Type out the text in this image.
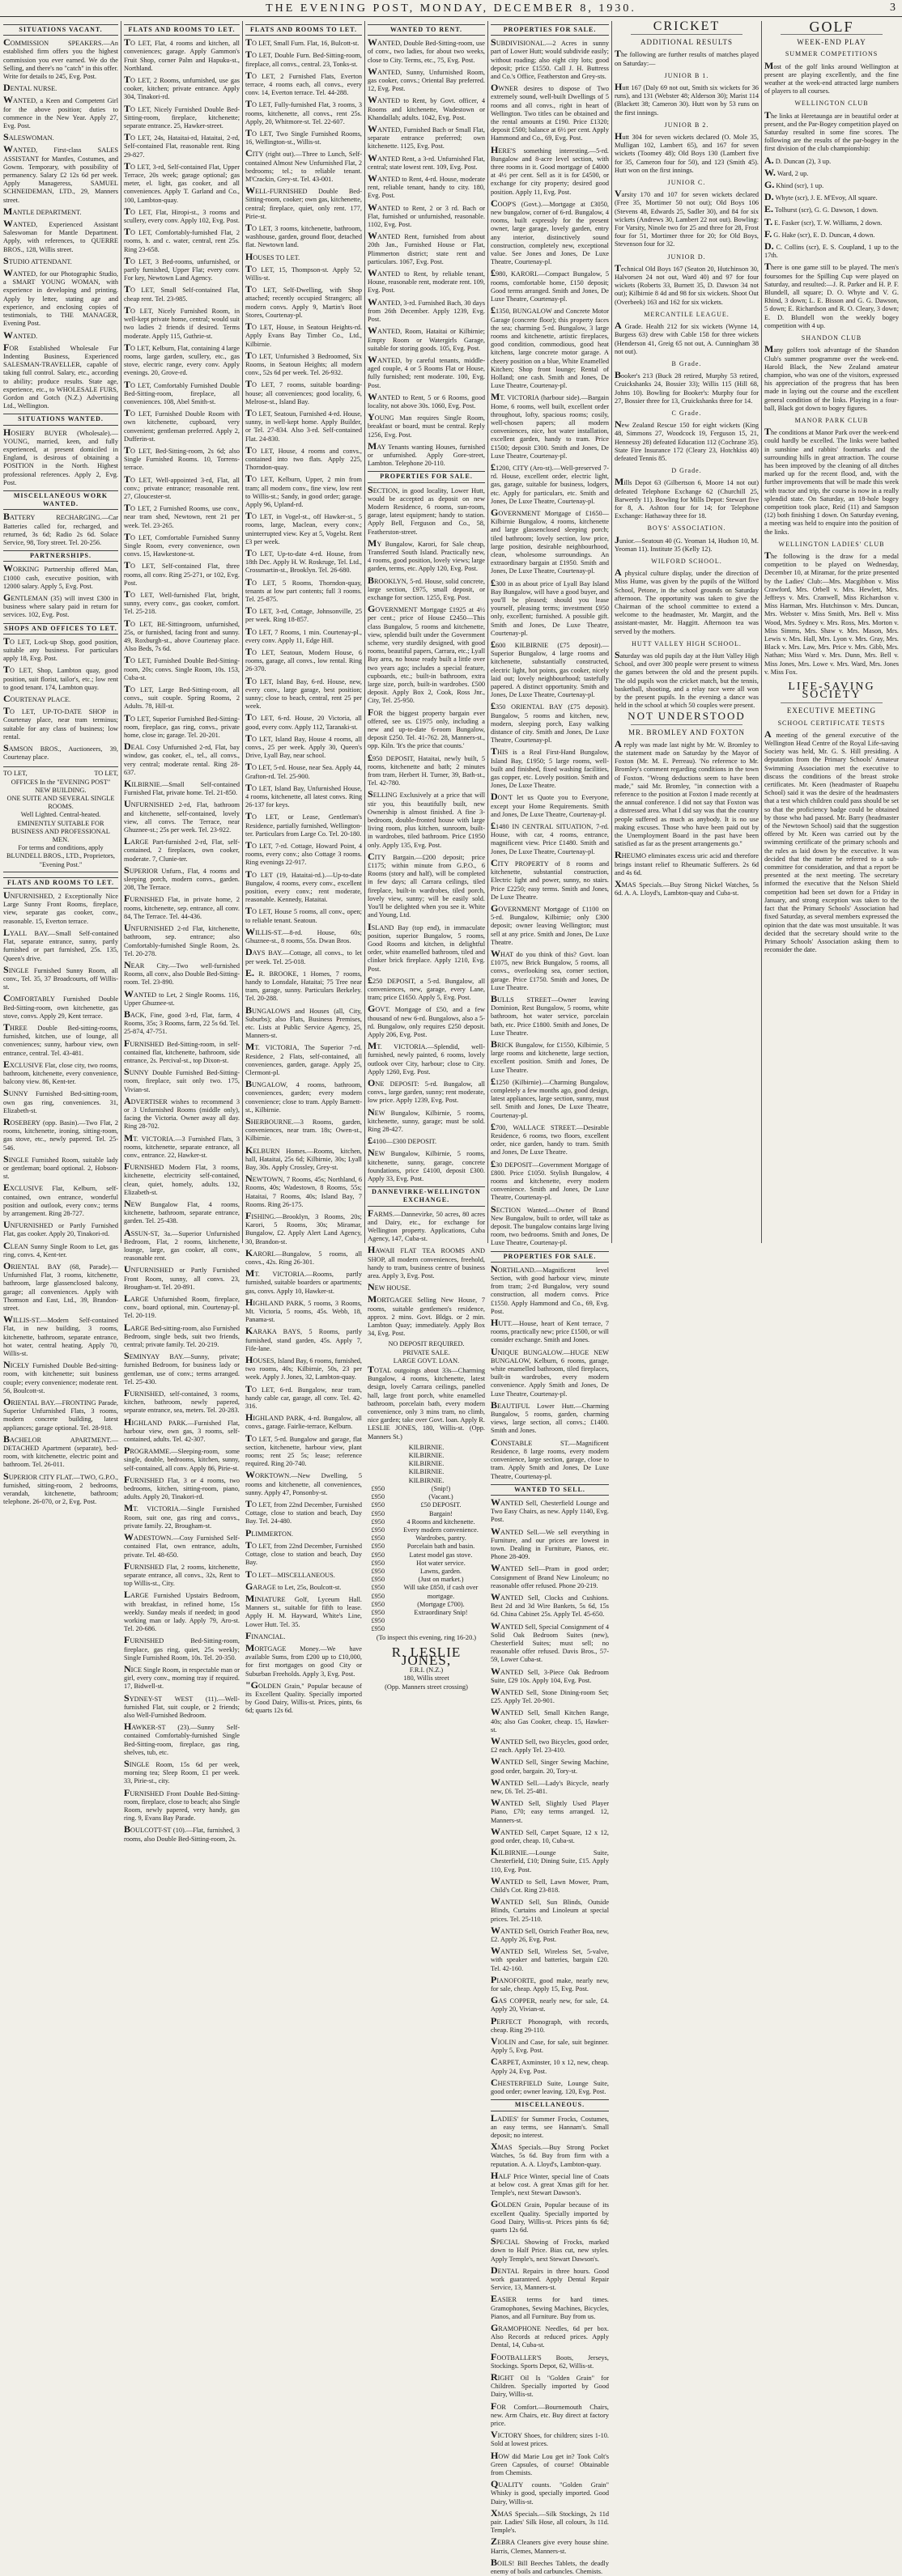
THE EVENING POST, MONDAY, DECEMBER 8, 1930.	3
SITUATIONS VACANT.
COMMISSION SPEAKERS.—An established firm offers you the highest commission you ever earned. We do the Selling, and there's no "catch" in this offer. Write for details to 245, Evg. Post.
DENTAL NURSE.
WANTED, a Keen and Competent Girl for the above position; duties to commence in the New Year. Apply 27, Evg. Post.
SALESWOMAN.
WANTED, First-class SALES ASSISTANT for Mantles, Costumes, and Gowns. Temporary, with possibility of permanency. Salary £2 12s 6d per week. Apply Manageress, SAMUEL SCHNEIDEMAN, LTD., 29, Manners street.
MANTLE DEPARTMENT.
WANTED, Experienced Assistant Saleswoman for Mantle Department. Apply, with references, to QUERRE BROS., 128, Willis street.
STUDIO ATTENDANT.
WANTED, for our Photographic Studio, a SMART YOUNG WOMAN, with experience in developing and printing. Apply by letter, stating age and experience, and enclosing copies of testimonials, to THE MANAGER, Evening Post.
WANTED.
FOR Established Wholesale Fur Indenting Business, Experienced SALESMAN-TRAVELLER, capable of taking full control. Salary, etc., according to ability; produce results. State age, experience, etc., to WHOLESALE FURS, Gordon and Gotch (N.Z.) Advertising Ltd., Wellington.
SITUATIONS WANTED.
HOSIERY BUYER (Wholesale).—YOUNG, married, keen, and fully experienced, at present domiciled in England, is desirous of obtaining a POSITION in the North. Highest professional references. Apply 2, Evg. Post.
MISCELLANEOUS WORK WANTED.
BATTERY RECHARGING.—Car Batteries called for, recharged, and returned, 3s 6d; Radio 2s 6d. Solace Service, 98, Tory street. Tel. 20-256.
PARTNERSHIPS.
WORKING Partnership offered Man, £1000 cash, executive position, with 12000 salary. Apply 5, Evg. Post.
GENTLEMAN (35) will invest £300 in business where salary paid in return for services. 102, Evg. Post.
SHOPS AND OFFICES TO LET.
TO LET, Lock-up Shop, good position, suitable any business. For particulars apply 18, Evg. Post.
TO LET, Shop, Lambton quay, good position, suit florist, tailor's, etc.; low rent to good tenant. 174, Lambton quay.
COURTENAY PLACE.
TO LET, UP-TO-DATE SHOP in Courtenay place, near tram terminus; suitable for any class of business; low rental.
SAMSON BROS., Auctioneers, 39, Courtenay place.
TO LET,	TO LET,
OFFICES In the "EVENING POST" NEW BUILDING.
ONE SUITE AND SEVERAL SINGLE ROOMS.
Well Lighted. Central-heated.
EMINENTLY SUITABLE FOR BUSINESS AND PROFESSIONAL MEN.
For terms and conditions, apply BLUNDELL BROS., LTD., Proprietors, "Evening Post."
FLATS AND ROOMS TO LET.
UNFURNISHED, 2 Exceptionally Nice Large Sunny Front Rooms, fireplace, view, separate gas cooker, conv., reasonable. 15, Everton terrace.
LYALL BAY.—Small Self-contained Flat, separate entrance, sunny, partly furnished or part furnished, 25s. 135, Queen's drive.
SINGLE Furnished Sunny Room, all conv., Tel. 35, 37 Broadcourts, off Willis-st.
COMFORTABLY Furnished Double Bed-Sitting-room, own kitchenette, gas stove, convs. Apply 29, Kent terrace.
THREE Double Bed-sitting-rooms, furnished, kitchen, use of lounge, all conveniences; sunny, harbour view, own entrance, central. Tel. 43-481.
EXCLUSIVE Flat, close city, two rooms, bathroom, kitchenette, every convenience, balcony view. 86, Kent-ter.
SUNNY Furnished Bed-sitting-room, own gas ring, conveniences. 31, Elizabeth-st.
ROSEBERY (opp. Basin).—Two Flat, 2 rooms, kitchenette, ironing, sitting-room, gas stove, etc., newly papered. Tel. 25-546.
SINGLE Furnished Room, suitable lady or gentleman; board optional. 2, Hobson-st.
EXCLUSIVE Flat, Kelburn, self-contained, own entrance, wonderful position and outlook, every conv.; terms by arrangement. Ring 28-727.
UNFURNISHED or Partly Furnished Flat, gas cooker. Apply 20, Tinakori-rd.
CLEAN Sunny Single Room to Let, gas ring, convs. 4, Kent-ter.
ORIENTAL BAY (68, Parade).—Unfurnished Flat, 3 rooms, kitchenette, bathroom, large glassenclosed balcony, garage; all conveniences. Apply with Thomson and East, Ltd., 39, Brandon-street.
WILLIS-ST.—Modern Self-contained Flat, in new building, 3 rooms, kitchenette, bathroom, separate entrance, hot water, central heating. Apply 70, Willis-st.
NICELY Furnished Double Bed-sitting-room, with kitchenette; suit business couple; every convenience; moderate rent. 56, Boulcott-st.
ORIENTAL BAY.—FRONTING Parade, Superior Unfurnished Flats, 3 rooms, modern concrete building, latest appliances; garage optional. Tel. 28-918.
BACHELOR APARTMENT.—DETACHED Apartment (separate), bed-room, with kitchenette, electric point and bathroom. Tel. 26-011.
SUPERIOR CITY FLAT.—TWO, G.P.O., furnished, sitting-room, 2 bedrooms, verandah, kitchenette, bathroom; telephone. 26-070, or 2, Evg. Post.
FLATS AND ROOMS TO LET.
TO LET, Flat, 4 rooms and kitchen, all conveniences; garage. Apply Gammon's Fruit Shop, corner Palm and Hapuku-st., Northland.
TO LET, 2 Rooms, unfurnished, use gas cooker, kitchen; private entrance. Apply 304, Tinakori-rd.
TO LET, Nicely Furnished Double Bed-Sitting-room, fireplace, kitchenette; separate entrance. 25, Hawker-street.
TO LET, 24s, Hataitai-rd, Hataitai, 2-rd, Self-contained Flat, reasonable rent. Ring 29-827.
TO LET, 3-rd, Self-contained Flat, Upper Terrace, 20s week; garage optional; gas meter, el. light, gas cooker, and all conveniences. Apply T. Garland and Co., 100, Lambton-quay.
TO LET, Flat, Hiropi-st., 3 rooms and scullery, every conv. Apply 102, Evg. Post.
TO LET, Comfortably-furnished Flat, 2 rooms, h. and c. water, central, rent 25s. Ring 23-658.
TO LET, 3 Bed-rooms, unfurnished, or partly furnished, Upper Flat; every conv. For key, Newtown Land Agency.
TO LET, Small Self-contained Flat, cheap rent. Tel. 23-985.
TO LET, Nicely Furnished Room, in well-kept private home, central; would suit two ladies 2 friends if desired. Terms moderate. Apply 115, Guthrie-st.
TO LET, Kelburn, Flat, containing 4 large rooms, large garden, scullery, etc., gas stove, electric range, every conv. Apply evenings. 20, Grove-rd.
TO LET, Comfortably Furnished Double Bed-Sitting-room, fireplace, all conveniences. 108, Abel Smith-st.
TO LET, Furnished Double Room with own kitchenette, cupboard, very convenient; gentleman preferred. Apply 2, Dufferin-st.
TO LET, Bed-Sitting-room, 2s 6d; also Single Furnished Rooms. 10, Torrens-terrace.
TO LET, Well-appointed 3-rd, Flat, all conv.; private entrance; reasonable rent. 27, Gloucester-st.
TO LET, 2 Furnished Rooms, use conv., near tram shed, Newtown, rent 21 per week. Tel. 23-265.
TO LET, Comfortable Furnished Sunny Single Room, every convenience, own convs. 15, Hawkestone-st.
TO LET, Self-contained Flat, three rooms, all conv. Ring 25-271, or 102, Evg. Post.
TO LET, Well-furnished Flat, bright, sunny, every conv., gas cooker, comfort. Tel. 25-218.
TO LET, BE-Sittingroom, unfurnished, 25s, or furnished, facing front and sunny. 49, Roxburgh-st., above Courtenay place. Also Beds, 7s 6d.
TO LET, Furnished Double Bed-Sitting-room, 20s; convs. Single Room, 10s. 153, Cuba-st.
TO LET, Large Bed-Sitting-room, all convs., suit couple. Spring Rooms, 2 Adults. 78, Hill-st.
TO LET, Superior Furnished Bed-Sitting-room, fireplace, gas ring, convs., private home, close in; garage. Tel. 20-201.
DEAL Cosy Unfurnished 2-rd, Flat, bay window, gas cooker, el., tel., all convs., very central; moderate rental. Ring 28-637.
KILBIRNIE.—Small Self-contained Furnished Flat, private home. Tel. 21-850.
UNFURNISHED 2-rd, Flat, bathroom and kitchenette, self-contained, lovely view, all convs. The Terrace, near Ghuznee-st.; 25s per week. Tel. 23-922.
LARGE Part-furnished 2-rd, Flat, self-contained, 2 fireplaces, own cooker, moderate. 7, Clunie-ter.
SUPERIOR Unfurn., Flat, 4 rooms and sleeping porch, modern convs., garden. 208, The Terrace.
FURNISHED Flat, in private home, 2 rooms, kitchenette, sep. entrance, all conv. 84, The Terrace. Tel. 44-436.
UNFURNISHED 2-rd Flat, kitchenette, bathroom, sep. entrance; also Comfortably-furnished Single Room, 2s. Tel. 20-278.
NEAR City.—Two well-furnished Rooms, all conv., also Double Bed-Sitting-room. Tel. 23-890.
WANTED to Let, 2 Single Rooms. 116, Upper Ghuznee-st.
BACK, Fine, good 3-rd, Flat, farm, 4 Rooms, 35s; 3 Rooms, farm, 22 5s 6d. Tel. 25-874, 47-751.
FURNISHED Bed-Sitting-room, in self-contained flat, kitchenette, bathroom, side entrance, 2s. Percival-st., top Dixon-st.
SUNNY Double Furnished Bed-Sitting-room, fireplace, suit only two. 175, Vivian-st.
ADVERTISER wishes to recommend 3 or 3 Unfurnished Rooms (middle only), facing the Victoria. Owner away all day. Ring 28-702.
MT. VICTORIA.—3 Furnished Flats, 3 rooms, kitchenette, separate entrance, all conv., entrance. 22, Hawker-st.
FURNISHED Modern Flat, 3 rooms, kitchenette, electricity self-contained, clean, quiet, homely, adults. 132, Elizabeth-st.
NEW Bungalow Flat, 4 rooms, kitchenette, bathroom, separate entrance, garden. Tel. 25-438.
ASSUN-ST, 3a.—Superior Unfurnished Bedroom, Flat, 2 rooms, kitchenette, lounge, large, gas cooker, all conv., reasonable rent.
UNFURNISHED or Partly Furnished Front Room, sunny, all convs. 23, Brougham-st. Tel. 20-891.
LARGE Unfurnished Room, fireplace, conv., board optional, min. Courtenay-pl. Tel. 20-119.
LARGE Bed-sitting-room, also Furnished Bedroom, single beds, suit two friends, central; private family. Tel. 20-219.
SEMINYAY BAY.—Sunny, private; furnished Bedroom, for business lady or gentleman, use of conv.; terms arranged. Tel. 25-430.
FURNISHED, self-contained, 3 rooms, kitchen, bathroom, newly papered, separate entrance, sea, meters. Tel. 20-283.
HIGHLAND PARK.—Furnished Flat, harbour view, own gas, 3 rooms, self-contained, adults. Tel. 42-307.
PROGRAMME.—Sleeping-room, some single, double, bedrooms, kitchen, sunny, self-contained, all conv. Apply 86, Pirie-st.
FURNISHED Flat, 3 or 4 rooms, two bedrooms, kitchen, sitting-room, piano, adults. Apply 20, Tinakori-rd.
MT. VICTORIA.—Single Furnished Room, suit one, gas ring and convs., private family. 22, Brougham-st.
WADESTOWN.—Cosy Furnished Self-contained Flat, own entrance, adults, private. Tel. 48-650.
FURNISHED Flat, 2 rooms, kitchenette, separate entrance, all convs., 32s, Rent to top Willis-st., City.
LARGE Furnished Upstairs Bedroom, with breakfast, in refined home, 15s weekly. Sunday meals if needed; in good working man or lady. Apply 79, Aro-st. Tel. 20-686.
FURNISHED Bed-Sitting-room, fireplace, gas ring, quiet, 25s weekly; Single Furnished Room, 10s. Tel. 20-350.
NICE Single Room, in respectable man or girl, every conv., morning tray if required. 17, Bidwell-st.
SYDNEY-ST WEST (11).—Well-furnished Flat, suit couple, or 2 friends; also Well-Furnished Bedroom.
HAWKER-ST (23).—Sunny Self-contained Comfortably-furnished Single Bed-Sitting-room, fireplace, gas ring, shelves, tub, etc.
SINGLE Room, 15s 6d per week, morning tea; Sleep Room, £1 per week. 33, Pirie-st., city.
FURNISHED Front Double Bed-Sitting-room, fireplace, close to beach; also Single Room, newly papered, very handy, gas ring. 9, Evans Bay Parade.
BOULCOTT-ST (10).—Flat, furnished, 3 rooms, also Double Bed-Sitting-room, 2s.
FLATS AND ROOMS TO LET.
TO LET, Small Furn. Flat, 16, Bulcott-st.
TO LET, Double Furn. Bed-Sitting-room, fireplace, all convs., central. 23, Tonks-st.
TO LET, 2 Furnished Flats, Everton terrace, 4 rooms each, all convs., every conv. 14, Everton terrace. Tel. 44-288.
TO LET, Fully-furnished Flat, 3 rooms, 3 rooms, kitchenette, all convs., rent 25s. Apply, 20, Whitmore-st. Tel. 22-607.
TO LET, Two Single Furnished Rooms, 16, Wellington-st., Willis-st.
CITY (right out).—Three to Lunch, Self-contained Almost New Unfurnished Flat, 2 bedrooms; tel.; to reliable tenant. M'Crackin, Grey-st. Tel. 43-001.
WELL-FURNISHED Double Bed-Sitting-room, cooker; own gas, kitchenette, central; fireplace, quiet, only rent. 177, Pirie-st.
TO LET, 3 rooms, kitchenette, bathroom, washhouse, garden, ground floor, detached flat. Newtown land.
HOUSES TO LET.
TO LET, 15, Thompson-st. Apply 52, Willis-st.
TO LET, Self-Dwelling, with Shop attached; recently occupied Strangers; all modern convs. Apply 9, Martin's Boot Stores, Courtenay-pl.
TO LET, House, in Seatoun Heights-rd. Apply Evans Bay Timber Co., Ltd., Kilbirnie.
TO LET, Unfurnished 3 Bedroomed, Six Rooms, in Seatoun Heights; all modern conv., 52s 6d per week. Tel. 26-932.
TO LET, 7 rooms, suitable boarding-house; all conveniences; good locality, 6, Melrose-st., Island Bay.
TO LET, Seatoun, Furnished 4-rd. House, sunny, in well-kept home. Apply Builder, or Tel. 27-834. Also 3-rd. Self-contained Flat. 24-830.
TO LET, House, 4 rooms and convs., contained into two flats. Apply 225, Thorndon-quay.
TO LET, Kelburn, Upper, 2 min from tram; all modern conv., fine view, low rent to Willis-st.; Sandy, in good order; garage. Apply 96, Upland-rd.
TO LET, in Vogel-st., off Hawker-st., 5 rooms, large, Maclean, every conv.; uninterrupted view. Key at 5, Vogelst. Rent £3 per week.
TO LET, Up-to-date 4-rd. House, from 18th Dec. Apply H. W. Roskruge, Tel. Ltd., Crossmartin-st., Brooklyn. Tel. 26-680.
TO LET, 5 Rooms, Thorndon-quay, tenants at low part contents; full 3 rooms. Tel. 25-875.
TO LET, 3-rd, Cottage, Johnsonville, 25 per week. Ring 18-857.
TO LET, 7 Rooms, 1 min. Courtenay-pl., every conv. Apply 11, Edge Hill.
TO LET, Seatoun, Modern House, 6 rooms, garage, all convs., low rental. Ring 26-370.
TO LET, Island Bay, 6-rd. House, new, every conv., large garage, best position; sunny; close to beach, central, rent 25 per week.
TO LET, 6-rd. House, 20 Victoria, all good, every conv. Apply 112, Taranaki-st.
TO LET, Island Bay, House 4 rooms, all convs., 25 per week. Apply 30, Queen's Drive, Lyall Bay, near school.
TO LET, 5-rd. House, near Sea. Apply 44, Grafton-rd. Tel. 25-900.
TO LET, Island Bay, Unfurnished House, 4 rooms, kitchenette, all latest convs. Ring 26-137 for keys.
TO LET, or Lease, Gentleman's Residence, partially furnished, Wellington-ter. Particulars from Large Co. Tel. 20-180.
TO LET, 7-rd. Cottage, Howard Point, 4 rooms, every conv.; also Cottage 3 rooms. Ring evenings 22-917.
TO LET (19, Hataitai-rd.).—Up-to-date Bungalow, 4 rooms, every conv., excellent position, every conv.; rent moderate, reasonable. Kennedy, Hataitai.
TO LET, House 5 rooms, all conv., open; to reliable tenant. Seatoun.
WILLIS-ST.—8-rd. House, 60s; Ghuznee-st., 8 rooms, 55s. Dwan Bros.
DAYS BAY.—Cottage, all convs., to let per week. Tel. 25-018.
E. R. BROOKE, 1 Homes, 7 rooms, handy to Lonsdale, Hataitai; 75 Tree near tram, garage, sunny. Particulars Berkeley. Tel. 20-288.
BUNGALOWS and Houses (all, City, Suburbs); also Flats, Business Premises, etc. Lists at Public Service Agency, 25, Manners-st.
MT. VICTORIA, The Superior 7-rd. Residence, 2 Flats, self-contained, all conveniences, garden, garage. Apply 25, Clermont-pl.
BUNGALOW, 4 rooms, bathroom, conveniences, garden; every modern convenience; close to tram. Apply Barnett-st., Kilbirnie.
SHERBOURNE.—3 Rooms, garden, conveniences, near tram. 18s; Owen-st., Kilbirnie.
KELBURN Homes.—Rooms, kitchen, hall, Hataitai, 25s 6d; Kilbirnie, 30s; Lyall Bay, 30s. Apply Crossley, Grey-st.
NEWTOWN, 7 Rooms, 45s; Northland, 6 Rooms, 40s; Wadestown, 8 Rooms, 55s; Hataitai, 7 Rooms, 40s; Island Bay, 7 Rooms. Ring 26-175.
FISHING.—Brooklyn, 3 Rooms, 20s; Karori, 5 Rooms, 30s; Miramar, Bungalow, £2. Apply Alert Land Agency, 30, Brandon-st.
KARORI.—Bungalow, 5 rooms, all convs., 42s. Ring 26-301.
MT. VICTORIA.—Rooms, partly furnished, suitable boarders or apartments; gas, convs. Apply 10, Hawker-st.
HIGHLAND PARK, 5 rooms, 3 Rooms, Mt. Victoria, 5 rooms, 45s. Webb, 18, Panama-st.
KARAKA BAYS, 5 Rooms, partly furnished, stand garden, 45s. Apply 7, Fife-lane.
HOUSES, Island Bay, 6 rooms, furnished, two rooms, 40s; Kilbirnie, 50s, 23 per week. Apply J. Jones, 32, Lambton-quay.
TO LET, 6-rd. Bungalow, near tram, handy cable car, garage, all conv. Tel. 42-316.
HIGHLAND PARK, 4-rd. Bungalow, all convs., garage. Fairlie-terrace, Kelburn.
TO LET, 5-rd. Bungalow and garage, flat section, kitchenette, harbour view, plant rooms; rent 25 5s; lease; reference required. Ring 20-740.
WORKTOWN.—New Dwelling, 5 rooms and kitchenette, all conveniences, sunny. Apply 47, Ponsonby-st.
TO LET, from 22nd December, Furnished Cottage, close to station and beach, Day Bay. Tel. 24-480.
PLIMMERTON.
TO LET, from 22nd December, Furnished Cottage, close to station and beach, Day Bay.
TO LET—MISCELLANEOUS.
GARAGE to Let, 25s, Boulcott-st.
MINIATURE Golf, Lyceum Hall. Manners st., suitable for fifth to lease. Apply H. M. Hayward, White's Line, Lower Hutt. Tel. 35.
FINANCIAL.
MORTGAGE Money.—We have available Sums, from £200 up to £10,000, for first mortgages on good City or Suburban Freeholds. Apply 3, Evg. Post.
"GOLDEN Grain," Popular because of its Excellent Quality. Specially imported by Good Dairy, Willis-st. Prices, pints, 6s 6d; quarts 12s 6d.
WANTED TO RENT.
WANTED, Double Bed-Sitting-room, use of conv., two ladies, for about two weeks, close to City. Terms, etc., 75, Evg. Post.
WANTED, Sunny, Unfurnished Room, gas cooker, convs.; Oriental Bay preferred. 12, Evg. Post.
WANTED to Rent, by Govt. officer, 4 Rooms and kitchenette, Wadestown or Khandallah; adults. 1042, Evg. Post.
WANTED, Furnished Bach or Small Flat, separate entrance preferred; own kitchenette. 1125, Evg. Post.
WANTED Rent, a 3-rd. Unfurnished Flat, central; state lowest rent. 109, Evg. Post.
WANTED to Rent, 4-rd. House, moderate rent, reliable tenant, handy to city. 180, Evg. Post.
WANTED to Rent, 2 or 3 rd. Bach or Flat, furnished or unfurnished, reasonable. 1102, Evg. Post.
WANTED Rent, furnished from about 20th Jan., Furnished House or Flat, Plimmerton district; state rent and particulars. 1067, Evg. Post.
WANTED to Rent, by reliable tenant, House, reasonable rent, moderate rent. 109, Evg. Post.
WANTED, 3-rd. Furnished Bach, 30 days from 26th December. Apply 1239, Evg. Post.
WANTED, Room, Hataitai or Kilbirnie; Empty Room or Watergirls Garage, suitable for storing goods. 105, Evg. Post.
WANTED, by careful tenants, middle-aged couple, 4 or 5 Rooms Flat or House, fully furnished; rent moderate. 100, Evg. Post.
WANTED to Rent, 5 or 6 Rooms, good locality, not above 30s. 1060, Evg. Post.
YOUNG Man requires Single Room, breakfast or board, must be central. Reply 1256, Evg. Post.
MAY Tenants wanting Houses, furnished or unfurnished. Apply Gore-street, Lambton. Telephone 20-110.
PROPERTIES FOR SALE.
SECTION, in good locality, Lower Hutt, would be accepted as deposit on new Modern Residence, 6 rooms, sun-room, garage, latest equipment; handy to station. Apply Bell, Ferguson and Co., 58, Featherston-street.
MY Bungalow, Karori, for Sale cheap, Transferred South Island. Practically new, 4 rooms, good position, lovely views; large garden, terms, etc. Apply 120, Evg. Post.
BROOKLYN, 5-rd. House, solid concrete, large section, £975, small deposit, or exchange for section. 1255, Evg. Post.
GOVERNMENT Mortgage £1925 at 4½ per cent.; price of House £2450—This class Bungalow, 5 rooms and kitchenette, view, splendid built under the Government scheme, very sturdily designed, with good rooms, beautiful papers, Carrara, etc.; Lyall Bay area, no house ready built a little over two years ago; includes a special feature, cupboards, etc.; built-in bathroom, extra large size, porch, built-in wardrobes. £500 deposit. Apply Box 2, Cook, Ross Jnr., City, Tel. 25-950.
FOR the biggest property bargain ever offered, see us. £1975 only, including a new and up-to-date 6-room Bungalow, deposit £250. Tel. 41-762. 28, Manners-st., opp. Kiln. 'It's the price that counts.'
£950 DEPOSIT, Hataitai, newly built, 5 rooms, kitchenette and bath; 2 minutes from tram, Herbert H. Turner, 39, Bath-st., Tel. 42-780.
SELLING Exclusively at a price that will stir you, this beautifully built, new Ownership is almost finished. A fine 3-bedroom, double-fronted house with large living room, plus kitchen, sunroom, built-in wardrobes, tiled bathroom. Price £1950 only. Apply 135, Evg. Post.
CITY Bargain.—£200 deposit; price £1175; within minute from G.P.O., 6 Rooms (story and half), will be completed in few days; all Carrara ceilings, tiled fireplace, built-in wardrobes, tiled porch, lovely view, sunny; will be easily sold. You'll be delighted when you see it. White and Young, Ltd.
ISLAND Bay (top end), in immaculate position, superior Bungalow, 5 rooms, Good Rooms and kitchen, in delightful order, white enamelled bathroom, tiled and clinker brick fireplace. Apply 1210, Evg. Post.
£250 DEPOSIT, a 5-rd. Bungalow, all conveniences, new, garage, every Lane, tram; price £1650. Apply 5, Evg. Post.
GOVT. Mortgage of £50, and a few thousand of new 6-rd. Bungalows, also a 5-rd. Bungalow, only requires £250 deposit. Apply 206, Evg. Post.
MT. VICTORIA.—Splendid, well-furnished, newly painted, 6 rooms, lovely outlook over City, harbour; close to City. Apply 1260, Evg. Post.
ONE DEPOSIT: 5-rd. Bungalow, all convs., large garden, sunny; rent moderate, low price. Apply 1239, Evg. Post.
NEW Bungalow, Kilbirnie, 5 rooms, kitchenette, sunny, garage; must be sold. Ring 28-427.
£4100—£300 DEPOSIT.
NEW Bungalow, Kilbirnie, 5 rooms, kitchenette, sunny, garage, concrete foundations, price £4100, deposit £300. Apply 33, Evg. Post.
DANNEVIRKE-WELLINGTON EXCHANGE.
FARMS.—Dannevirke, 50 acres, 80 acres and Dairy, etc., for exchange for Wellington property. Applications, Cuba Agency, 147, Cuba-st.
HAWAII FLAT TEA ROOMS AND SHOP, all modern conveniences, freehold, handy to tram, business centre of business area. Apply 3, Evg. Post.
NEW HOUSE.
MORTGAGEE Selling New House, 7 rooms, suitable gentlemen's residence, approx. 2 mins. Govt. Bldgs. or 2 min. Lambton Quay; immediately. Apply Box 34, Evg. Post.
NO DEPOSIT REQUIRED.
PRIVATE SALE.
LARGE GOVT. LOAN.
TOTAL outgoings about 33s—Charming Bungalow, 4 rooms, kitchenette, latest design, lovely Carrara ceilings, panelled hall, large front porch, white enamelled bathroom, porcelain bath, every modern convenience, only 3 mins tram, no climb, nice garden; take over Govt. loan. Apply R. LESLIE JONES, 180, Willis-st. (Opp. Manners St.)
KILBIRNIE.
KILBIRNIE.
KILBIRNIE.
KILBIRNIE.
KILBIRNIE.
£950
£950
£950
£950
£950
£950
£950
£950
£950
£950
£950
£950
£950
£950
£950
£950
£950
£950
(Snip!)
(Vacant.)
£50 DEPOSIT.
Bargain!
4 Rooms and kitchenette.
Every modern convenience.
Wardrobes, pantry.
Porcelain bath and basin.
Latest model gas stove.
Hot water service.
Lawns, garden.
(Just on market.)
Will take £850, if cash over mortgage.
(Mortgage £700).
Extraordinary Snip!
(To inspect this evening, ring 16-20.)
R. LESLIE JONES,
F.R.I. (N.Z.)
180, Willis street
(Opp. Manners street crossing)
PROPERTIES FOR SALE.
SUBDIVISIONAL.—2 Acres in sunny part of Lower Hutt; would subdivide easily; without roading; also eight city lots; good deposit; price £1550. Call J. H. Buttress and Co.'s Office, Featherston and Grey-sts.
OWNER desires to dispose of Two extremely sound, well-built Dwellings of 5 rooms and all convs., right in heart of Wellington. Two titles can be obtained and the rental amounts at £190. Price £1320; deposit £500; balance at 6½ per cent. Apply Hammond and Co., 69, Evg. Post.
HERE'S something interesting.—5-rd. Bungalow and 8-acre level section, with three rooms in it. Good mortgage of £4000 at 4½ per cent. Sell as it is for £4500, or exchange for city property; desired good position. Apply 11, Evg. Post.
COOP'S (Govt.).—Mortgage at £3050, new bungalow, corner of 6-rd. Bungalow, 4 rooms, built expressly for the present owner, large garage, lovely garden, entry any interior, distinctively sound construction, completely new, exceptional value. See Jones and Jones, De Luxe Theatre, Courtenay-pl.
£980, KARORI.—Compact Bungalow, 5 rooms, comfortable home, £150 deposit; Good terms arranged. Smith and Jones, De Luxe Theatre, Courtenay-pl.
£1350, BUNGALOW and Concrete Motor Garage (concrete floor); this property faces the sea; charming 5-rd. Bungalow, 3 large rooms and kitchenette, artistic fireplaces, good condition, commodious, good heat kitchens, large concrete motor garage. A cheery position on a blue, White Enamelled Kitchen; Shop front lounge; Rental of Holland; one cash. Smith and Jones, De Luxe Theatre, Courtenay-pl.
MT. VICTORIA (harbour side).—Bargain Home, 6 rooms, well built, excellent order throughout, lofty, spacious rooms; cosily, well-chosen papers; all modern conveniences, nice, hot water installation, excellent garden, handy to tram. Price £1500; deposit £300. Smith and Jones, De Luxe Theatre, Courtenay-pl.
£1200, CITY (Aro-st).—Well-preserved 7-rd. House, excellent order, electric light, gas, garage, suitable for business, lodgers, etc. Apply for particulars, etc. Smith and Jones, De Luxe Theatre, Courtenay-pl.
GOVERNMENT Mortgage of £1650—Kilbirnie Bungalow, 4 rooms, kitchenette and large glassenclosed sleeping porch; tiled bathroom; lovely section, low price, large position, desirable neighbourhood, clean, wholesome surroundings. An extraordinary bargain at £1950. Smith and Jones, De Luxe Theatre, Courtenay-pl.
£300 in as about price of Lyall Bay Island Bay Bungalow, will have a good buyer, and you'll be pleased; should you lease yourself, pleasing terms; investment £950 only, excellent; furnished. A possible gift. Smith and Jones, De Luxe Theatre, Courtenay-pl.
£600 KILBIRNIE (£75 deposit).—Superior Bungalow, 4 large rooms and kitchenette, substantially constructed, electric light, hot points, gas cooker, nicely laid out; lovely neighbourhood; tastefully papered. A distinct opportunity. Smith and Jones, De Luxe Theatre, Courtenay-pl.
£350 ORIENTAL BAY (£75 deposit). Bungalow, 5 rooms and kitchen, new, modern, sleeping porch, Easy walking distance of city. Smith and Jones, De Luxe Theatre, Courtenay-pl.
THIS is a Real First-Hand Bungalow, Island Bay, £1950; 5 large rooms, well-built and finished, fixed washing facilities, gas copper, etc. Lovely position. Smith and Jones, De Luxe Theatre.
DON'T let us Quote you to Everyone, except your Home Requirements. Smith and Jones, De Luxe Theatre, Courtenay-pl.
£1480 IN CENTRAL SITUATION, 7-rd. House, with car, 4 rooms, entrance, magnificent view. Price £1480. Smith and Jones, De Luxe Theatre, Courtenay-pl.
CITY PROPERTY of 8 rooms and kitchenette, substantial construction, Electric light and power, sunny, no stairs. Price £2250; easy terms. Smith and Jones, De Luxe Theatre.
GOVERNMENT Mortgage of £1100 on 5-rd. Bungalow, Kilbirnie; only £300 deposit; owner leaving Wellington; must sell at any price. Smith and Jones, De Luxe Theatre.
WHAT do you think of this? Govt. loan £1075, new Brick Bungalow, 5 rooms, all convs., overlooking sea, corner section, garage. Price £1750. Smith and Jones, De Luxe Theatre.
BULLS STREET—Owner leaving Dominion, Rest Bungalow, 5 rooms, white bathroom, hot water service, porcelain bath, etc. Price £1800. Smith and Jones, De Luxe Theatre.
BRICK Bungalow, for £1550, Kilbirnie, 5 large rooms and kitchenette, large section, excellent position. Smith and Jones, De Luxe Theatre.
£1250 (Kilbirnie).—Charming Bungalow, completely a few months ago, good design, latest appliances, large section, sunny, must sell. Smith and Jones, De Luxe Theatre, Courtenay-pl.
£700, WALLACE STREET.—Desirable Residence, 6 rooms, two floors, excellent order, nice garden, handy to tram. Smith and Jones, De Luxe Theatre.
£30 DEPOSIT—Government Mortgage of £800. Price £1050. Stylish Bungalow, 4 rooms and kitchenette, every modern convenience. Smith and Jones, De Luxe Theatre, Courtenay-pl.
SECTION Wanted.—Owner of Brand New Bungalow, built to order, will take as deposit. The bungalow contains large living room, two bedrooms. Smith and Jones, De Luxe Theatre, Courtenay-pl.
PROPERTIES FOR SALE.
NORTHLAND.—Magnificent level Section, with good harbour view, minute from tram; 2-rd Bungalow, very sound construction, all modern convs. Price £1550. Apply Hammond and Co., 69, Evg. Post.
HUTT.—House, heart of Kent terrace, 7 rooms, practically new; price £1500, or will consider exchange. Smith and Jones.
UNIQUE BUNGALOW.—HUGE NEW BUNGALOW, Kelburn, 6 rooms, garage, white enamelled bathroom, tiled fireplaces, built-in wardrobes, every modern convenience. Apply Smith and Jones, De Luxe Theatre, Courtenay-pl.
BEAUTIFUL Lower Hutt.—Charming Bungalow, 5 rooms, garden, charming views, large section, all convs.; £1400. Smith and Jones.
CONSTABLE ST.—Magnificent Residence, 8 large rooms, every modern convenience, large section, garage, close to tram. Apply Smith and Jones, De Luxe Theatre, Courtenay-pl.
WANTED TO SELL.
WANTED Sell, Chesterfield Lounge and Two Easy Chairs, as new. Apply 1140, Evg. Post.
WANTED Sell.—We sell everything in Furniture, and our prices are lowest in town. Dealing in Furniture, Pianos, etc. Phone 28-409.
WANTED Sell—Pram in good order; Consignment of Brand New Linoleum; no reasonable offer refused. Phone 20-219.
WANTED Sell, Clocks and Cushions. Best 2d and 3d Wire Bankets, 5s 6d, 15s 6d. China Cabinet 25s. Apply Tel. 45-650.
WANTED Sell, Special Consignment of 4 Solid Oak Bedroom Suites (new), Chesterfield Suites; must sell; no reasonable offer refused. Davis Bros., 57-59, Lower Cuba-st.
WANTED Sell, 3-Piece Oak Bedroom Suite, £29 10s. Apply 104, Evg. Post.
WANTED Sell, Stone Dining-room Set; £25. Apply Tel. 20-901.
WANTED Sell, Small Kitchen Range, 40s; also Gas Cooker, cheap. 15, Hawker-st.
WANTED Sell, two Bicycles, good order, £2 each. Apply Tel. 23-410.
WANTED Sell, Singer Sewing Machine, good order, bargain. 20, Tory-st.
WANTED Sell.—Lady's Bicycle, nearly new, £6. Tel. 25-481.
WANTED Sell, Slightly Used Player Piano, £70; easy terms arranged. 12, Manners-st.
WANTED Sell, Carpet Square, 12 x 12, good order, cheap. 10, Cuba-st.
KILBIRNIE.—Lounge Suite, Chesterfield, £10; Dining Suite, £15. Apply 110, Evg. Post.
WANTED to Sell, Lawn Mower, Pram, Child's Cot. Ring 23-818.
WANTED Sell, Sun Blinds, Outside Blinds, Curtains and Linoleum at special prices. Tel. 25-110.
WANTED Sell, Ostrich Feather Boa, new, £2. Apply 26, Evg. Post.
WANTED Sell, Wireless Set, 5-valve, with speaker and batteries, bargain £20. Tel. 42-160.
PIANOFORTE, good make, nearly new, for sale, cheap. Apply 15, Evg. Post.
GAS COPPER, nearly new, for sale, £4. Apply 20, Vivian-st.
PERFECT Phonograph, with records, cheap. Ring 29-110.
VIOLIN and Case, for sale, suit beginner. Apply 5, Evg. Post.
CARPET, Axminster, 10 x 12, new, cheap. Apply 24, Evg. Post.
CHESTERFIELD Suite, Lounge Suite, good order; owner leaving. 120, Evg. Post.
MISCELLANEOUS.
LADIES' for Summer Frocks, Costumes, an easy terms, see Hannam's. Small deposit; no interest.
XMAS Specials.—Buy Strong Pocket Watches, 5s 6d. Buy from firm with a reputation. A. A. Lloyd's, Lambton-quay.
HALF Price Winter, special line of Coats at below cost. A great Xmas gift for her. Temple's, next Stewart Dawson's.
GOLDEN Grain, Popular because of its excellent Quality. Specially imported by Good Dairy, Willis-st. Prices pints 6s 6d; quarts 12s 6d.
SPECIAL Showing of Frocks, marked down to Half Price. Bias cut, new styles. Apply Temple's, next Stewart Dawson's.
DENTAL Repairs in three hours. Good work guaranteed. Apply Dental Repair Service, 13, Manners-st.
EASIER terms for hard times. Gramophones, Sewing Machines, Bicycles, Pianos, and all Furniture. Buy from us.
GRAMOPHONE Needles, 6d per box. Also Records at reduced prices. Apply Dental, 14, Cuba-st.
FOOTBALLER'S Boots, Jerseys, Stockings. Sports Depot, 62, Willis-st.
RIGHT Oil Is "Golden Grain" for Children. Specially imported by Good Dairy, Willis-st.
FOR Comfort.—Bournemouth Chairs, new. Arm Chairs, etc. Buy direct at factory price.
VICTORY Shoes, for children; sizes 1-10. Sold at lowest prices.
HOW did Marie Lou get in? Took Colt's Green Capsules, of course! Obtainable from Chemists.
QUALITY counts. "Golden Grain" Whisky is good, specially imported. Good Dairy, Willis-st.
XMAS Specials.—Silk Stockings, 2s 11d pair. Ladies' Silk Hose, all colours, 3s 11d. Temple's.
ZEBRA Cleaners give every house shine. Harris, Clemes, Manners-st.
BOILS! Bill Beeches Tablets, the deadly enemy of boils and carbuncles. Chemists.
CRICKET
ADDITIONAL RESULTS
The following are further results of matches played on Saturday:—
JUNIOR B 1.
Hutt 167 (Daly 69 not out, Smith six wickets for 36 runs), and 131 (Webster 48; Alderson 30); Marist 114 (Blackett 38; Cameron 30). Hutt won by 53 runs on the first innings.
JUNIOR B 2.
Hutt 304 for seven wickets declared (O. Mole 35, Mulligan 102, Lambert 65), and 167 for seven wickets (Toomey 48); Old Boys 130 (Lambert five for 35, Cameron four for 50), and 123 (Smith 45). Hutt won on the first innings.
JUNIOR C.
Varsity 170 and 107 for seven wickets declared (Free 35, Mortimer 50 not out); Old Boys 106 (Stevens 48, Edwards 25, Sadler 30), and 84 for six wickets (Andrews 30, Lambert 22 not out). Bowling: For Varsity, Ninole two for 25 and three for 28, Frost four for 51, Mortimer three for 20; for Old Boys, Stevenson four for 32.
JUNIOR D.
Technical Old Boys 167 (Seaton 20, Hutchinson 30, Halvorsen 24 not out, Ward 40) and 97 for four wickets (Roberts 33, Burnett 35, D. Dawson 34 not out); Kilbirnie 8 4d and 98 for six wickets. Shoot Out (Overbeek) 163 and 162 for six wickets.
MERCANTILE LEAGUE.
A Grade. Health 212 for six wickets (Wynne 14, Burgess 63) drew with Cable 158 for three wickets (Henderson 41, Greig 65 not out, A. Cunningham 38 not out).
B Grade.
Booker's 213 (Buck 28 retired, Murphy 53 retired, Cruickshanks 24, Bossier 33); Willis 115 (Hill 68, Johns 10). Bowling for Booker's: Murphy four for 27, Bossier three for 13, Cruickshanks three for 14.
C Grade.
New Zealand Rescue 150 for eight wickets (King 48, Simmons 27, Woodcock 19, Ferguson 15, 21, Hennessy 28) defeated Education 112 (Cochrane 35). State Fire Insurance 172 (Cleary 23, Hotchkiss 40) defeated Tennis 85.
D Grade.
Mills Depot 63 (Gilbertson 6, Moore 14 not out) defeated Telephone Exchange 62 (Churchill 25, Barwertly 11). Bowling for Mills Depot: Stewart five for 8, A. Ashton four for 14; for Telephone Exchange: Hathaway three for 18.
BOYS' ASSOCIATION.
Junior.—Seatoun 40 (G. Yeoman 14, Hudson 10, M. Yeoman 11). Institute 35 (Kelly 12).
WILFORD SCHOOL.
A physical culture display, under the direction of Miss Hume, was given by the pupils of the Wilford School, Petone, in the school grounds on Saturday afternoon. The opportunity was taken to give the Chairman of the school committee to extend a welcome to the headmaster, Mr. Margitt, and the assistant-master, Mr. Haggitt. Afternoon tea was served by the mothers.
HUTT VALLEY HIGH SCHOOL.
Saturday was old pupils day at the Hutt Valley High School, and over 300 people were present to witness the games between the old and the present pupils. The old pupils won the cricket match, but the tennis, basketball, shooting, and a relay race were all won by the present pupils. In the evening a dance was held in the school at which 50 couples were present.
NOT UNDERSTOOD
MR. BROMLEY AND FOXTON
A reply was made last night by Mr. W. Bromley to the statement made on Saturday by the Mayor of Foxton (Mr. M. E. Perreau). 'No reference to Mr. Bromley's comment regarding conditions in the town of Foxton. "Wrong deductions seem to have been made," said Mr. Bromley, "in connection with a reference to the position at Foxton I made recently at the annual conference. I did not say that Foxton was a distressed area. What I did say was that the country people suffered as much as anybody. It is no use making excuses. Those who have been paid out by the Unemployment Board in the past have been satisfied as far as the present arrangements go."
RHEUMO eliminates excess uric acid and therefore brings instant relief to Rheumatic Sufferers. 2s 6d and 4s 6d.
XMAS Specials.—Buy Strong Nickel Watches, 5s 6d. A. A. Lloyd's, Lambton-quay and Cuba-st.
GOLF
WEEK-END PLAY
SUMMER COMPETITIONS
Most of the golf links around Wellington at present are playing excellently, and the fine weather at the week-end attracted large numbers of players to all courses.
WELLINGTON CLUB
The links at Heretaunga are in beautiful order at present, and the Par-Bogey competition played on Saturday resulted in some fine scores. The following are the results of the par-bogey in the first division of the club championship:
A. D. Duncan (2), 3 up.
W. Ward, 2 up.
G. Khind (scr), 1 up.
D. Whyte (scr), J. E. M'Evoy, All square.
E. Tolhurst (scr), G. G. Dawson, 1 down.
T. E. Fasker (scr), T. W. Williams, 2 down.
F. G. Hake (scr), E. D. Duncan, 4 down.
D. C. Collins (scr), E. S. Coupland, 1 up to the 17th.
There is one game still to be played. The men's foursomes for the Spilling Cup were played on Saturday, and resulted:—J. R. Parker and H. P. F. Blundell, all square; D. O. Whyte and V. G. Rhind, 3 down; L. E. Bisson and G. G. Dawson, 5 down; E. Richardson and R. O. Cleary, 3 down; E. D. Blundell won the weekly bogey competition with 4 up.
SHANDON CLUB
Many golfers took advantage of the Shandon Club's summer programme over the week-end. Harold Black, the New Zealand amateur champion, who was one of the visitors, expressed his appreciation of the progress that has been made in laying out the course and the excellent general condition of the links. Playing in a four-ball, Black got down to bogey figures.
MANOR PARK CLUB
The conditions at Manor Park over the week-end could hardly be excelled. The links were bathed in sunshine and rabbits' footmarks and the surrounding hills in great attraction. The course has been improved by the cleaning of all ditches marked up for the recent flood, and, with the further improvements that will be made this week with tractor and trip, the course is now in a really splendid state. On Saturday, an 18-hole bogey competition took place, Reid (11) and Sampson (12) both finishing 1 down. On Saturday evening, a meeting was held to enquire into the position of the links.
WELLINGTON LADIES' CLUB
The following is the draw for a medal competition to be played on Wednesday, December 10, at Miramar, for the prize presented by the Ladies' Club:—Mrs. Macgibbon v. Miss Crawford, Mrs. Orbell v. Mrs. Hewlett, Mrs. Jeffreys v. Mrs. Cranwell, Miss Richardson v. Miss Harman, Mrs. Hutchinson v. Mrs. Duncan, Mrs. Webster v. Miss Smith, Mrs. Bell v. Miss Wood, Mrs. Sydney v. Mrs. Ross, Mrs. Morton v. Miss Simms, Mrs. Shaw v. Mrs. Mason, Mrs. Lewis v. Mrs. Hall, Mrs. Lyon v. Mrs. Gray, Mrs. Black v. Mrs. Law, Mrs. Price v. Mrs. Gibb, Mrs. Nathan; Miss Ward v. Mrs. Dunn, Mrs. Bell v. Miss Jones, Mrs. Lowe v. Mrs. Ward, Mrs. Jones v. Miss Fox.
LIFE-SAVING SOCIETY
EXECUTIVE MEETING
SCHOOL CERTIFICATE TESTS
A meeting of the general executive of the Wellington Head Centre of the Royal Life-saving Society was held, Mr. G. S. Hill presiding. A deputation from the Primary Schools' Amateur Swimming Association met the executive to discuss the conditions of the breast stroke certificates. Mr. Keen (headmaster of Ruapehu School) said it was the desire of the headmasters that a test which children could pass should be set so that the proficiency badge could be obtained by those who had passed. Mr. Barry (headmaster of the Newtown School) said that the suggestion offered by Mr. Keen was carried out by the swimming certificate of the primary schools and the rules as laid down by the executive. It was decided that the matter be referred to a sub-committee for consideration, and that a report be presented at the next meeting. The secretary informed the executive that the Nelson Shield competition had been set down for a Friday in January, and strong exception was taken to the fact that the Primary Schools' Association had fixed Saturday, as several members expressed the opinion that the date was most unsuitable. It was decided that the secretary should write to the Primary Schools' Association asking them to reconsider the date.
